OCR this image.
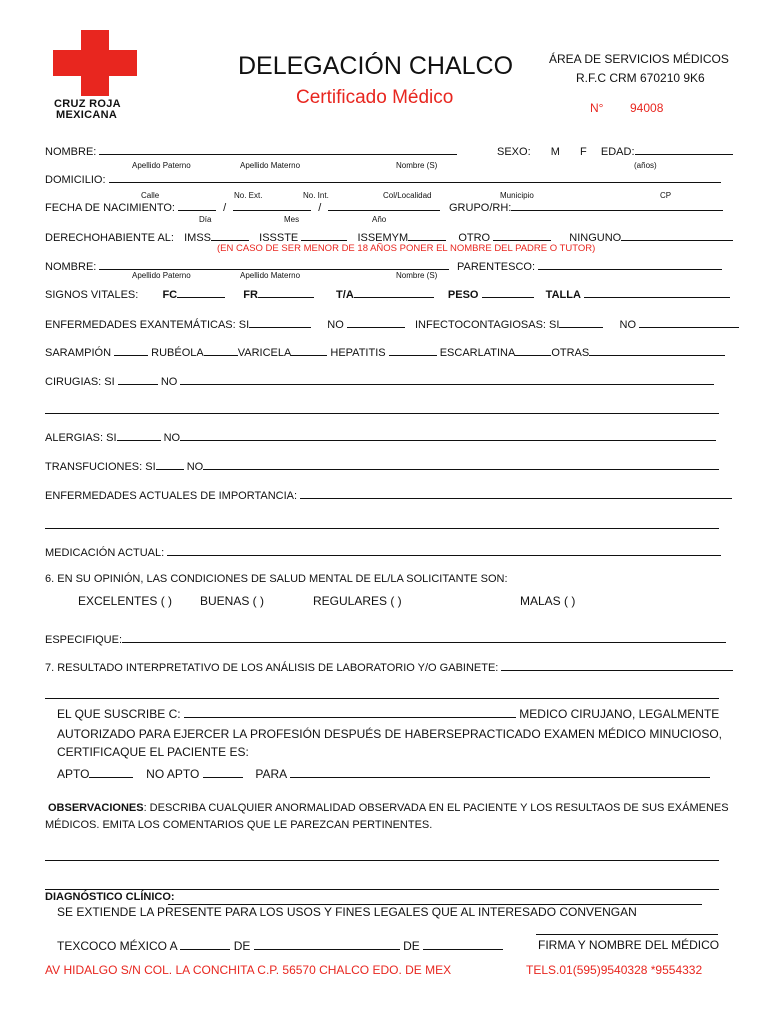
CRUZ ROJA
MEXICANA
DELEGACIÓN CHALCO
Certificado Médico
ÁREA DE SERVICIOS MÉDICOS
R.F.C CRM 670210 9K6
N° 94008
NOMBRE:	SEXO: M F EDAD:
Apellido Paterno	Apellido Materno	Nombre (S)	(años)
DOMICILIO:
Calle	No. Ext.	No. Int.	Col/Localidad	Municipio	CP
FECHA DE NACIMIENTO:	/	/	GRUPO/RH:
Día	Mes	Año
DERECHOHABIENTE AL: IMSS	ISSSTE	ISSEMYM	OTRO	NINGUNO
(EN CASO DE SER MENOR DE 18 AÑOS PONER EL NOMBRE DEL PADRE O TUTOR)
NOMBRE:	PARENTESCO:
Apellido Paterno	Apellido Materno	Nombre (S)
SIGNOS VITALES: FC	FR	T/A	PESO	TALLA
ENFERMEDADES EXANTEMÁTICAS: SI	NO	INFECTOCONTAGIOSAS: SI	NO
SARAMPIÓN	RUBÉOLA	VARICELA	HEPATITIS	ESCARLATINA	OTRAS
CIRUGIAS: SI	NO
ALERGIAS: SI	NO
TRANSFUCIONES: SI	NO
ENFERMEDADES ACTUALES DE IMPORTANCIA:
MEDICACIÓN ACTUAL:
6. EN SU OPINIÓN, LAS CONDICIONES DE SALUD MENTAL DE EL/LA SOLICITANTE SON:
EXCELENTES ( ) BUENAS ( )	REGULARES ( )	MALAS ( )
ESPECIFIQUE:
7. RESULTADO INTERPRETATIVO DE LOS ANÁLISIS DE LABORATORIO Y/O GABINETE:
EL QUE SUSCRIBE C:	MEDICO CIRUJANO, LEGALMENTE
AUTORIZADO PARA EJERCER LA PROFESIÓN DESPUÉS DE HABERSEPRACTICADO EXAMEN MÉDICO MINUCIOSO,
CERTIFICAQUE EL PACIENTE ES:
APTO	NO APTO	PARA
OBSERVACIONES: DESCRIBA CUALQUIER ANORMALIDAD OBSERVADA EN EL PACIENTE Y LOS RESULTAOS DE SUS EXÁMENES
MÉDICOS. EMITA LOS COMENTARIOS QUE LE PAREZCAN PERTINENTES.
DIAGNÓSTICO CLÍNICO:
SE EXTIENDE LA PRESENTE PARA LOS USOS Y FINES LEGALES QUE AL INTERESADO CONVENGAN
TEXCOCO MÉXICO A	DE	DE	FIRMA Y NOMBRE DEL MÉDICO
AV HIDALGO S/N COL. LA CONCHITA C.P. 56570 CHALCO EDO. DE MEX	TELS.01(595)9540328 *9554332
